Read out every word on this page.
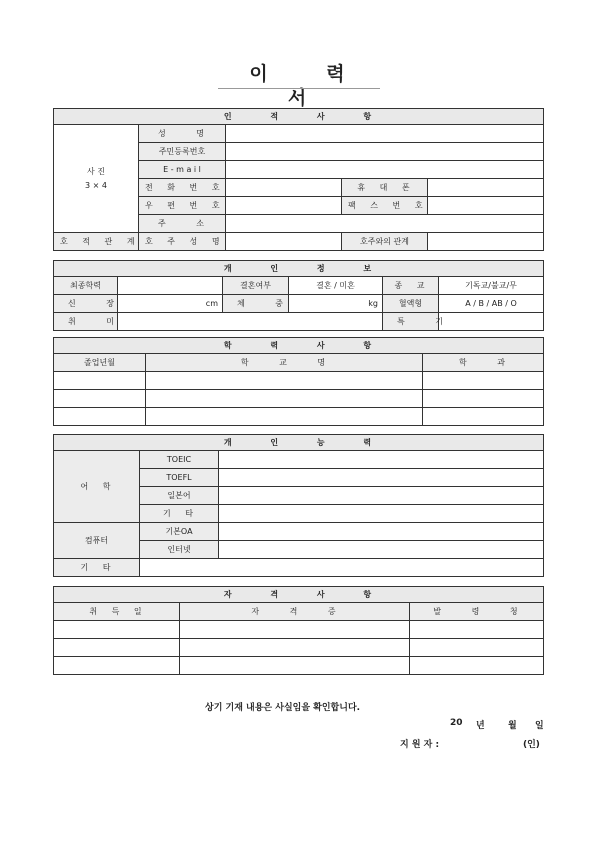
이 력 서
인 적 사 항				

사 진
3 × 4	성 명			
	주민등록번호			
	E - m a i l			
	전 화 번 호		휴 대 폰	
	우 편 번 호		팩 스 번 호	
	주 소			
호 적 관 계	호 주 성 명		호주와의 관계	
개 인 정 보					
최종학력		결혼여부	결혼 / 미혼	종 교	기독교/불교/무
신 장	cm	체 중	kg	혈액형	A / B / AB / O
취 미				특 기	
학 력 사 항		
졸업년월	학 교 명	학 과

개 인 능 력		
어 학	TOEIC	
	TOEFL	
	일본어	
	기 타	
컴퓨터	기본OA	
	인터넷	
기 타		
자 격 사 항		
취 득 일	자 격 증	발 령 청

상기 기재 내용은 사실임을 확인합니다.
20 년	월 일
지 원 자 :	(인)
